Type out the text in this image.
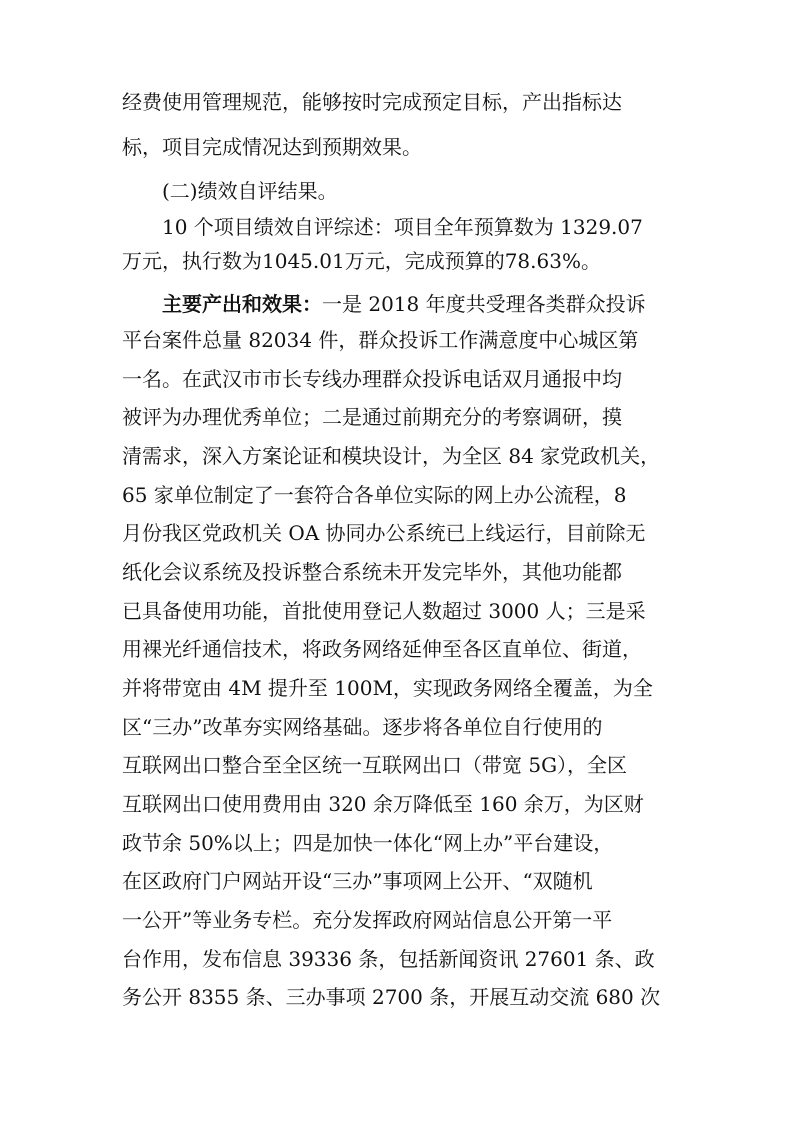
经费使用管理规范，能够按时完成预定目标，产出指标达
标，项目完成情况达到预期效果。
(二)绩效自评结果。
10 个项目绩效自评综述：项目全年预算数为 1329.07
万元，执行数为1045.01万元，完成预算的78.63%。
主要产出和效果：一是 2018 年度共受理各类群众投诉
平台案件总量 82034 件，群众投诉工作满意度中心城区第
一名。在武汉市市长专线办理群众投诉电话双月通报中均
被评为办理优秀单位；二是通过前期充分的考察调研，摸
清需求，深入方案论证和模块设计，为全区 84 家党政机关，
65 家单位制定了一套符合各单位实际的网上办公流程，8
月份我区党政机关 OA 协同办公系统已上线运行，目前除无
纸化会议系统及投诉整合系统未开发完毕外，其他功能都
已具备使用功能，首批使用登记人数超过 3000 人；三是采
用裸光纤通信技术，将政务网络延伸至各区直单位、街道，
并将带宽由 4M 提升至 100M，实现政务网络全覆盖，为全
区“三办”改革夯实网络基础。逐步将各单位自行使用的
互联网出口整合至全区统一互联网出口（带宽 5G），全区
互联网出口使用费用由 320 余万降低至 160 余万，为区财
政节余 50%以上；四是加快一体化“网上办”平台建设，
在区政府门户网站开设“三办”事项网上公开、“双随机
一公开”等业务专栏。充分发挥政府网站信息公开第一平
台作用，发布信息 39336 条，包括新闻资讯 27601 条、政
务公开 8355 条、三办事项 2700 条，开展互动交流 680 次
